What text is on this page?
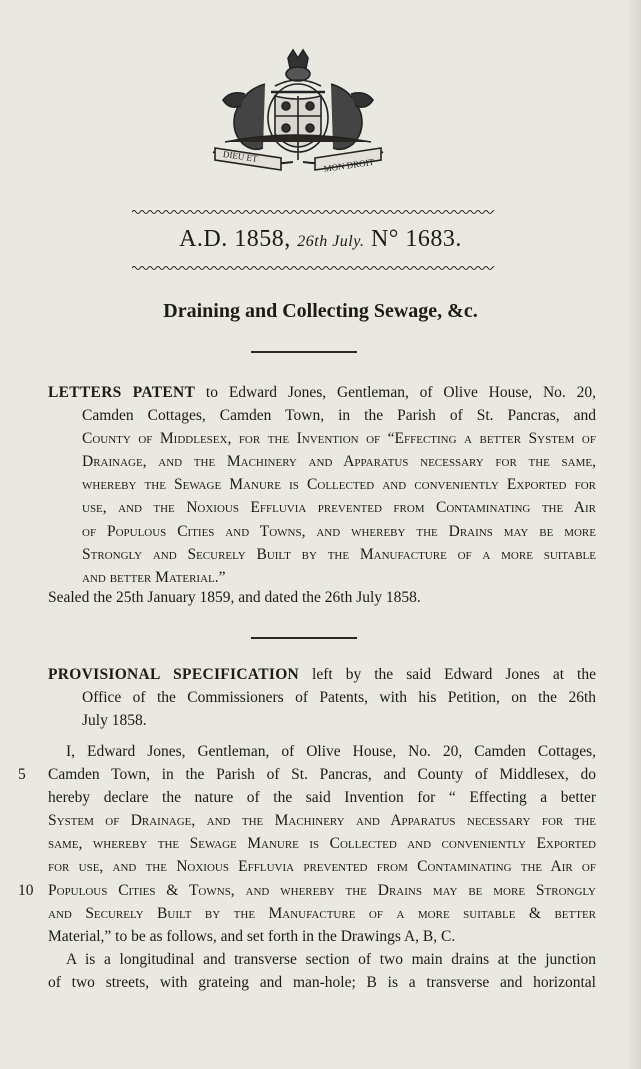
DIEU ET
MON DROIT
A.D. 1858, 26th July. N° 1683.
Draining and Collecting Sewage, &c.
LETTERS PATENT to Edward Jones, Gentleman, of Olive House, No. 20,
Camden Cottages, Camden Town, in the Parish of St. Pancras, and
County of Middlesex, for the Invention of “Effecting a better System of
Drainage, and the Machinery and Apparatus necessary for the same,
whereby the Sewage Manure is Collected and conveniently Exported for
use, and the Noxious Effluvia prevented from Contaminating the Air
of Populous Cities and Towns, and whereby the Drains may be more
Strongly and Securely Built by the Manufacture of a more suitable
and better Material.”
Sealed the 25th January 1859, and dated the 26th July 1858.
PROVISIONAL SPECIFICATION left by the said Edward Jones at the
Office of the Commissioners of Patents, with his Petition, on the 26th
July 1858.
I, Edward Jones, Gentleman, of Olive House, No. 20, Camden Cottages,
5	Camden Town, in the Parish of St. Pancras, and County of Middlesex, do
hereby declare the nature of the said Invention for “ Effecting a better
System of Drainage, and the Machinery and Apparatus necessary for the
same, whereby the Sewage Manure is Collected and conveniently Exported
for use, and the Noxious Effluvia prevented from Contaminating the Air of
10 Populous Cities & Towns, and whereby the Drains may be more Strongly
and Securely Built by the Manufacture of a more suitable & better
Material,” to be as follows, and set forth in the Drawings A, B, C.
A is a longitudinal and transverse section of two main drains at the junction
of two streets, with grateing and man-hole; B is a transverse and horizontal
